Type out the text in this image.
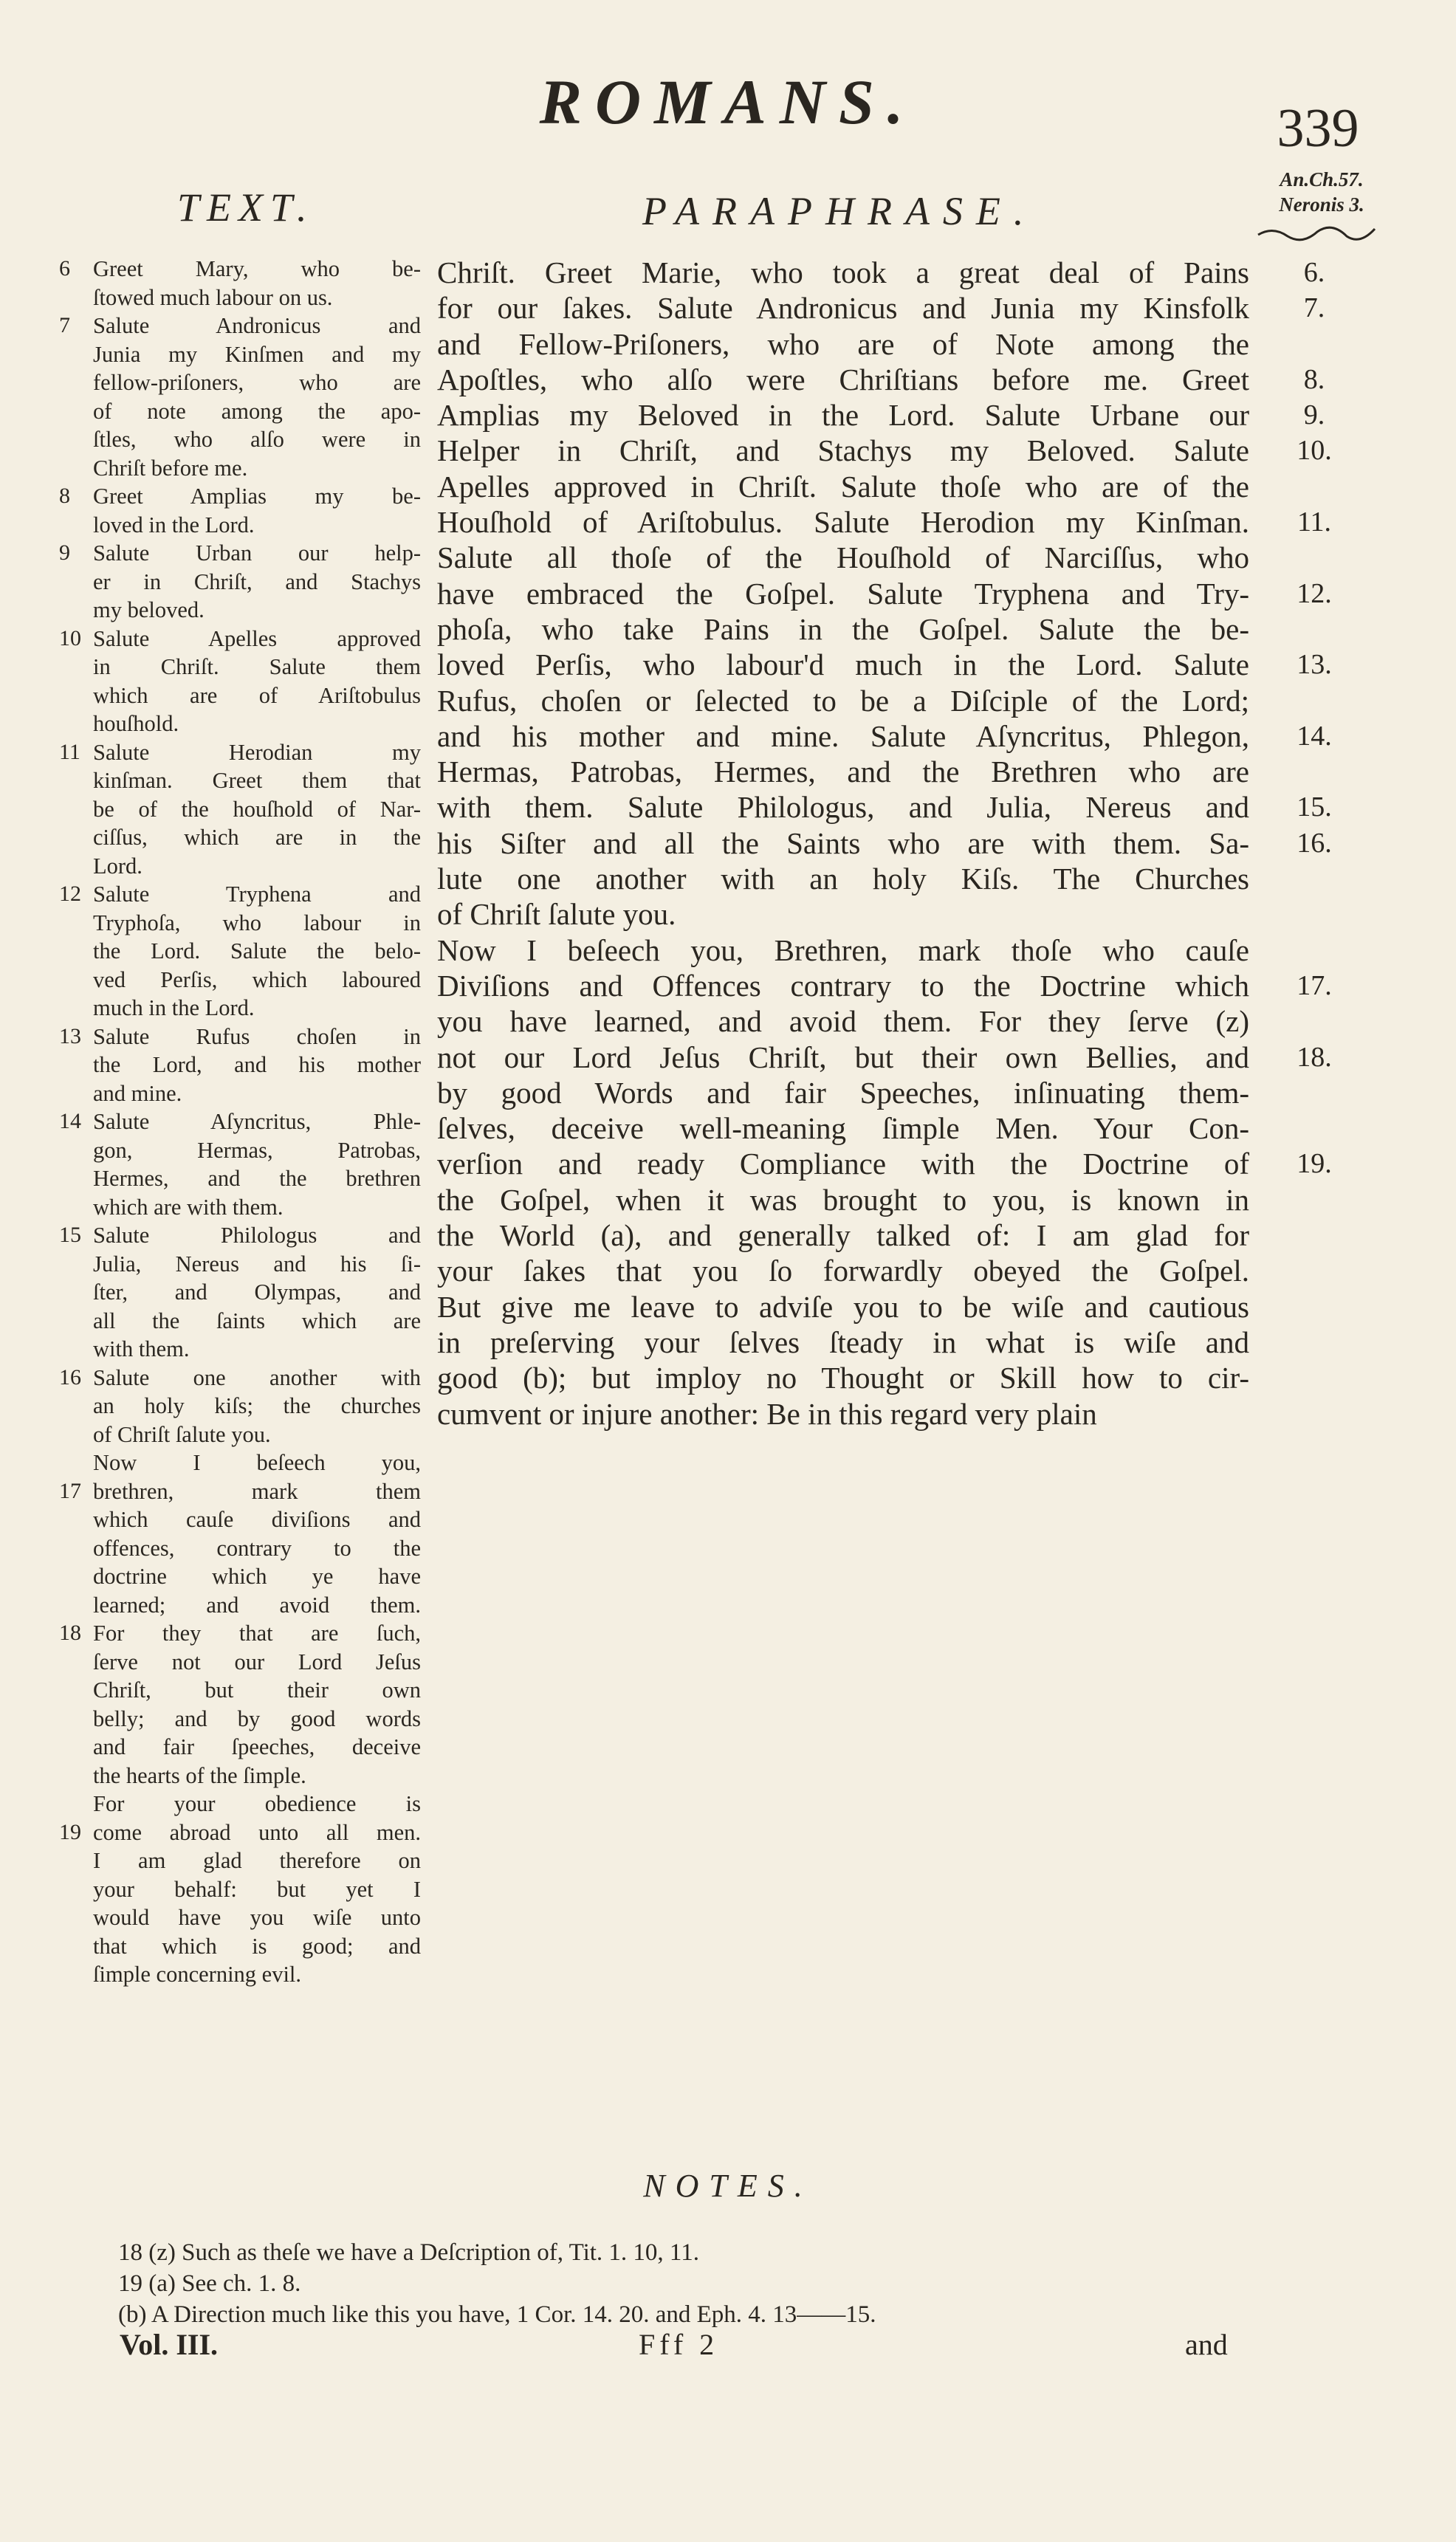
ROMANS.	339
An.Ch.57.
Neronis 3.
TEXT.	PARAPHRASE.
6 Greet Mary, who be-
ſtowed much labour on us.
7 Salute Andronicus and
Junia my Kinſmen and my
fellow-priſoners, who are
of note among the apo-
ſtles, who alſo were in
Chriſt before me.
8 Greet Amplias my be-
loved in the Lord.
9 Salute Urban our help-
er in Chriſt, and Stachys
my beloved.
10 Salute Apelles approved
in Chriſt. Salute them
which are of Ariſtobulus
houſhold.
11 Salute Herodian my
kinſman. Greet them that
be of the houſhold of Nar-
ciſſus, which are in the
Lord.
12 Salute Tryphena and
Tryphoſa, who labour in
the Lord. Salute the belo-
ved Perſis, which laboured
much in the Lord.
13 Salute Rufus choſen in
the Lord, and his mother
and mine.
14 Salute Aſyncritus, Phle-
gon, Hermas, Patrobas,
Hermes, and the brethren
which are with them.
15 Salute Philologus and
Julia, Nereus and his ſi-
ſter, and Olympas, and
all the ſaints which are
with them.
16 Salute one another with
an holy kiſs; the churches
of Chriſt ſalute you.
Now I beſeech you,
17 brethren, mark them
which cauſe diviſions and
offences, contrary to the
doctrine which ye have
learned; and avoid them.
18 For they that are ſuch,
ſerve not our Lord Jeſus
Chriſt, but their own
belly; and by good words
and fair ſpeeches, deceive
the hearts of the ſimple.
For your obedience is
19 come abroad unto all men.
I am glad therefore on
your behalf: but yet I
would have you wiſe unto
that which is good; and
ſimple concerning evil.
Chriſt. Greet Marie, who took a great deal of Pains
for our ſakes. Salute Andronicus and Junia my Kinsfolk
and Fellow-Priſoners, who are of Note among the
Apoſtles, who alſo were Chriſtians before me. Greet
Amplias my Beloved in the Lord. Salute Urbane our
Helper in Chriſt, and Stachys my Beloved. Salute
Apelles approved in Chriſt. Salute thoſe who are of the
Houſhold of Ariſtobulus. Salute Herodion my Kinſman.
Salute all thoſe of the Houſhold of Narciſſus, who
have embraced the Goſpel. Salute Tryphena and Try-
phoſa, who take Pains in the Goſpel. Salute the be-
loved Perſis, who labour'd much in the Lord. Salute
Rufus, choſen or ſelected to be a Diſciple of the Lord;
and his mother and mine. Salute Aſyncritus, Phlegon,
Hermas, Patrobas, Hermes, and the Brethren who are
with them. Salute Philologus, and Julia, Nereus and
his Siſter and all the Saints who are with them. Sa-
lute one another with an holy Kiſs. The Churches
of Chriſt ſalute you.
Now I beſeech you, Brethren, mark thoſe who cauſe
Diviſions and Offences contrary to the Doctrine which
you have learned, and avoid them. For they ſerve (z)
not our Lord Jeſus Chriſt, but their own Bellies, and
by good Words and fair Speeches, inſinuating them-
ſelves, deceive well-meaning ſimple Men. Your Con-
verſion and ready Compliance with the Doctrine of
the Goſpel, when it was brought to you, is known in
the World (a), and generally talked of: I am glad for
your ſakes that you ſo forwardly obeyed the Goſpel.
But give me leave to adviſe you to be wiſe and cautious
in preſerving your ſelves ſteady in what is wiſe and
good (b); but imploy no Thought or Skill how to cir-
cumvent or injure another: Be in this regard very plain
6.
7.
8.
9.
10.
11.
12.
13.
14.
15.
16.
17.
18.
19.
NOTES.
18 (z) Such as theſe we have a Deſcription of, Tit. 1. 10, 11.
19 (a) See ch. 1. 8.
(b) A Direction much like this you have, 1 Cor. 14. 20. and Eph. 4. 13——15.
Vol. III.	Fff 2	and
